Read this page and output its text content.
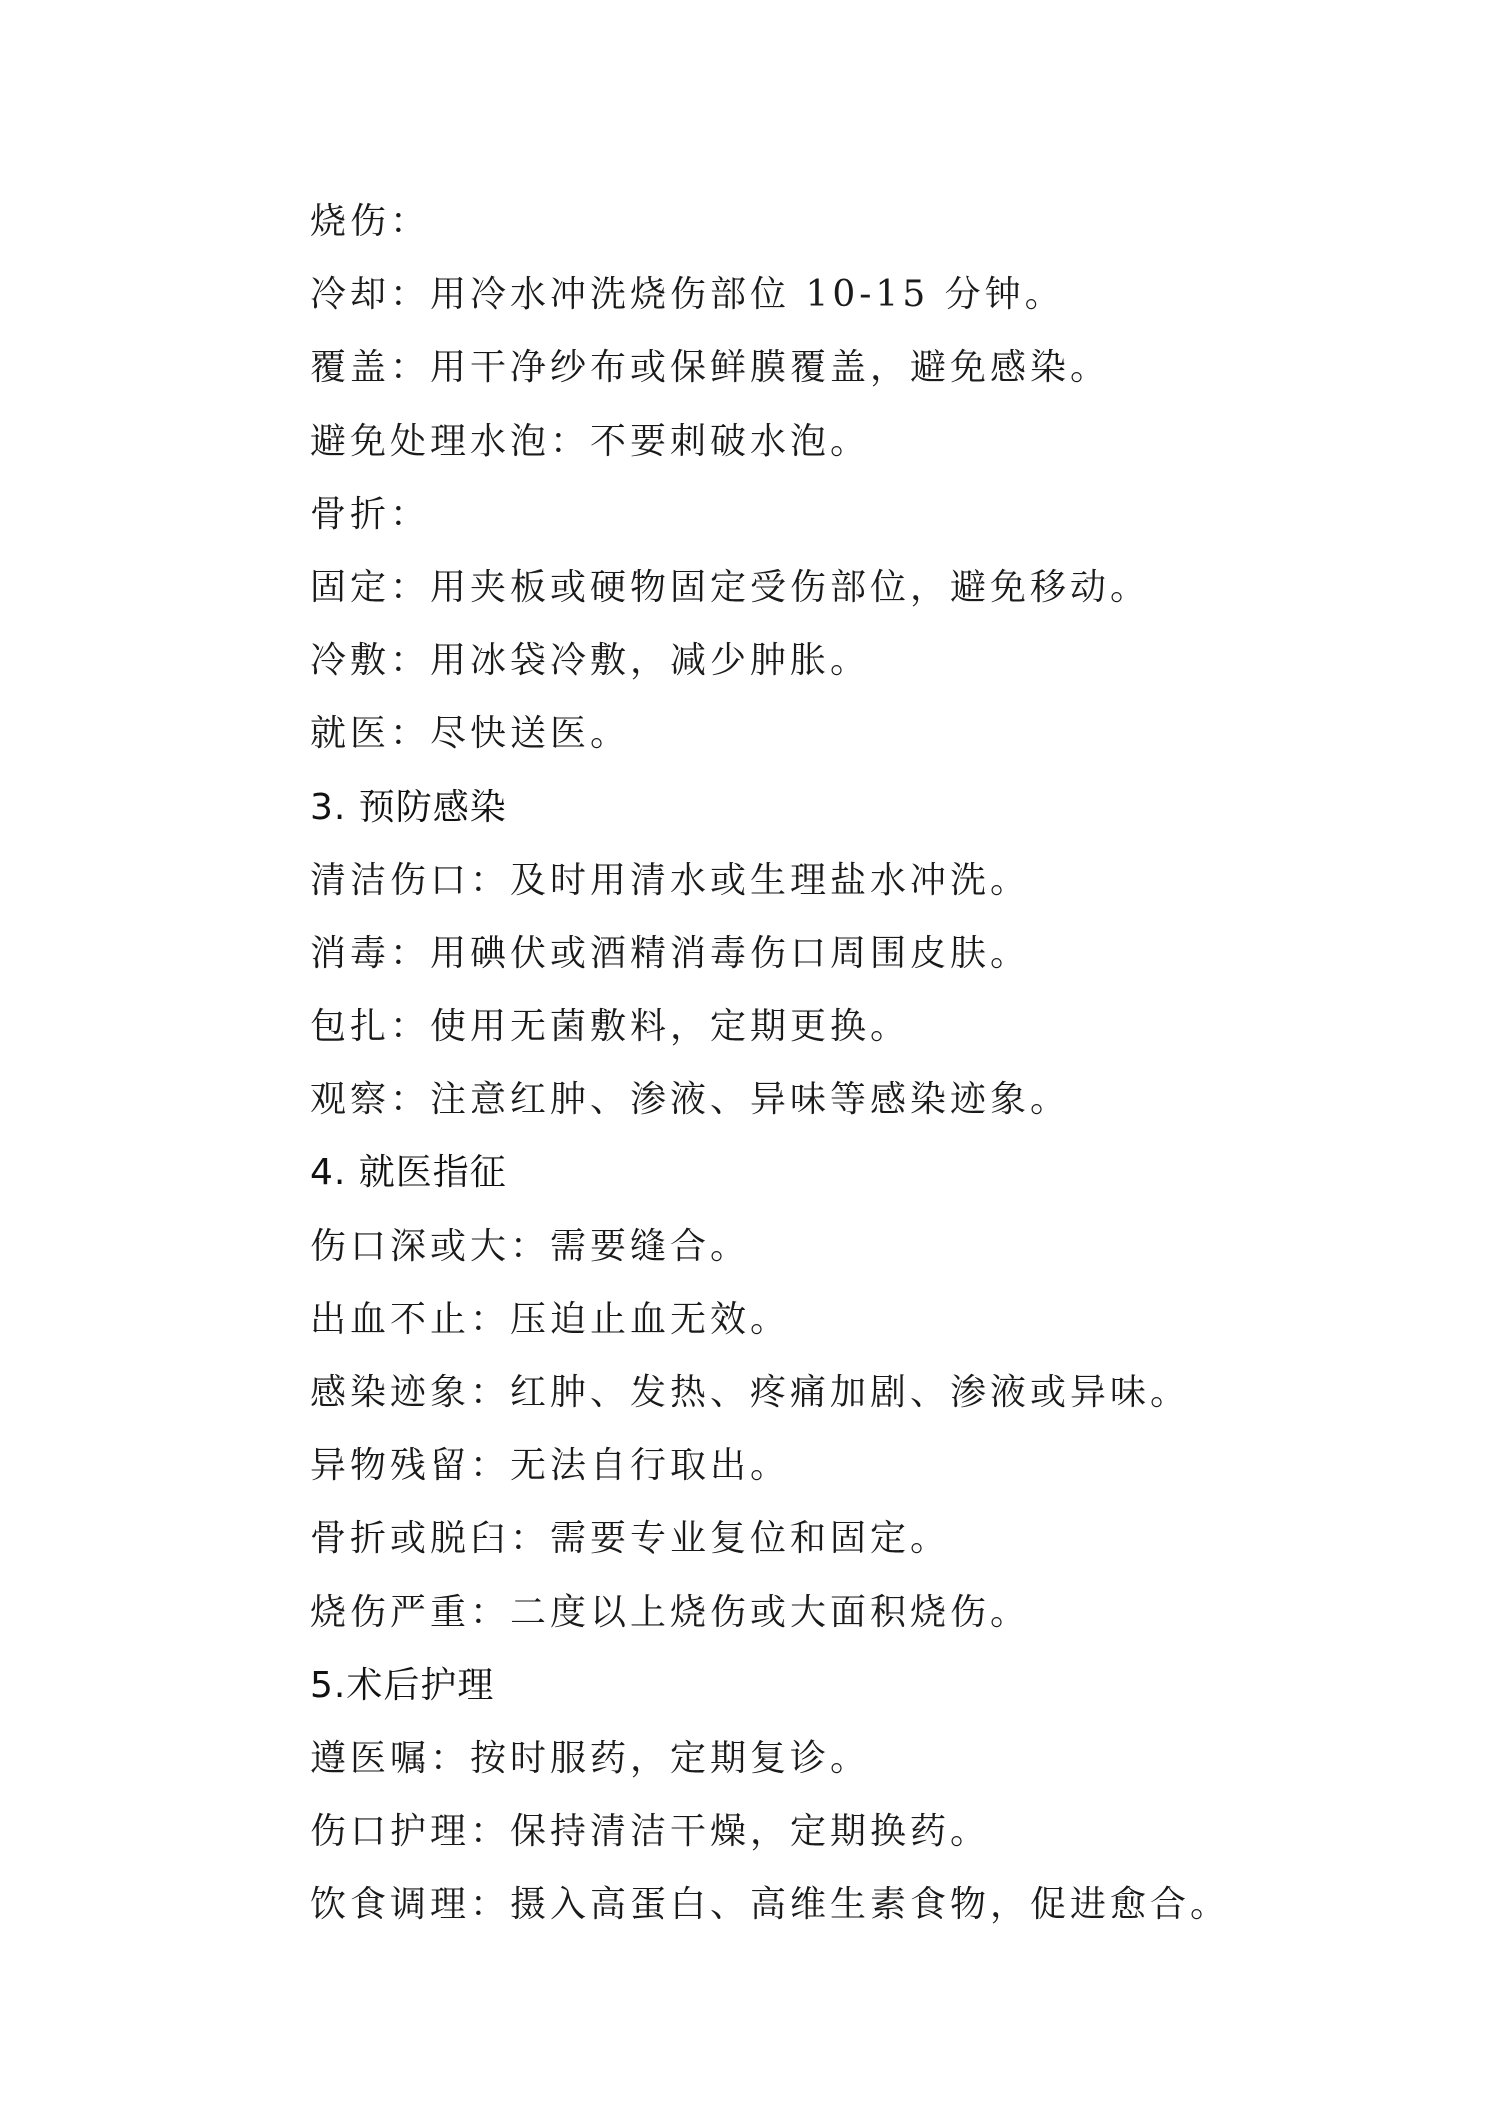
烧伤：
冷却：用冷水冲洗烧伤部位 10-15 分钟。
覆盖：用干净纱布或保鲜膜覆盖，避免感染。
避免处理水泡：不要刺破水泡。
骨折：
固定：用夹板或硬物固定受伤部位，避免移动。
冷敷：用冰袋冷敷，减少肿胀。
就医：尽快送医。
3. 预防感染
清洁伤口：及时用清水或生理盐水冲洗。
消毒：用碘伏或酒精消毒伤口周围皮肤。
包扎：使用无菌敷料，定期更换。
观察：注意红肿、渗液、异味等感染迹象。
4. 就医指征
伤口深或大：需要缝合。
出血不止：压迫止血无效。
感染迹象：红肿、发热、疼痛加剧、渗液或异味。
异物残留：无法自行取出。
骨折或脱臼：需要专业复位和固定。
烧伤严重：二度以上烧伤或大面积烧伤。
5.术后护理
遵医嘱：按时服药，定期复诊。
伤口护理：保持清洁干燥，定期换药。
饮食调理：摄入高蛋白、高维生素食物，促进愈合。
